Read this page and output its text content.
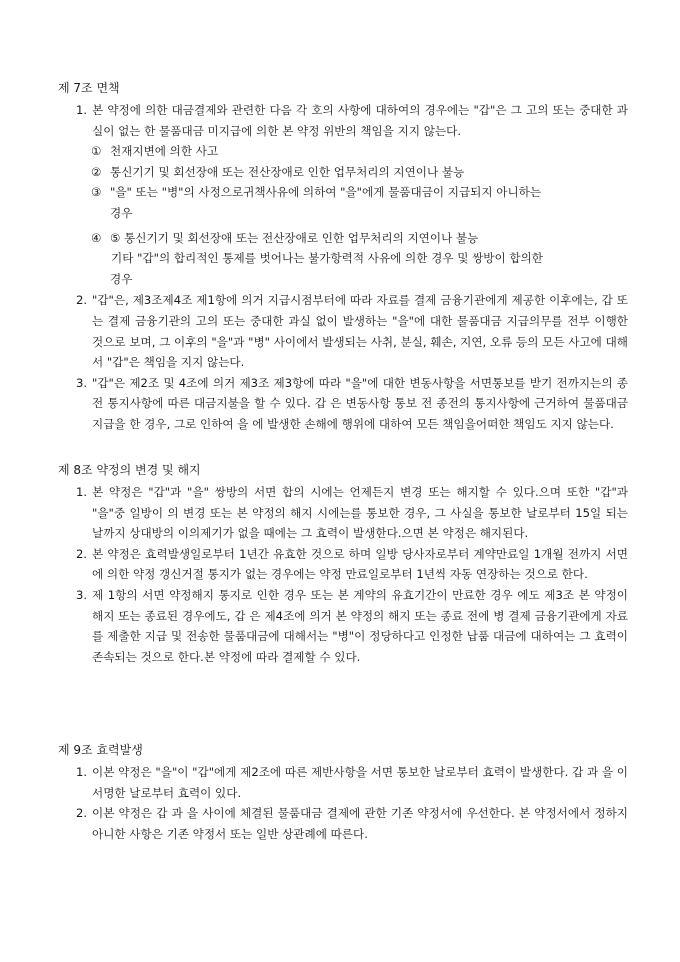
제 7조 면책
1. 본 약정에 의한 대금결제와 관련한 다음 각 호의 사항에 대하여의 경우에는 "갑"은 그 고의 또는 중대한 과실이 없는 한 물품대금 미지급에 의한 본 약정 위반의 책임을 지지 않는다.
① 천재지변에 의한 사고
② 통신기기 및 회선장애 또는 전산장애로 인한 업무처리의 지연이나 불능
③ "을" 또는 "병"의 사정으로귀책사유에 의하여 "을"에게 물품대금이 지급되지 아니하는
경우
④ ⑤ 통신기기 및 회선장애 또는 전산장애로 인한 업무처리의 지연이나 불능
기타 "갑"의 합리적인 통제를 벗어나는 불가항력적 사유에 의한 경우 및 쌍방이 합의한
경우
2. "갑"은, 제3조제4조 제1항에 의거 지급시점부터에 따라 자료를 결제 금융기관에게 제공한 이후에는, 갑 또는 결제 금융기관의 고의 또는 중대한 과실 없이 발생하는 "을"에 대한 물품대금 지급의무를 전부 이행한 것으로 보며, 그 이후의 "을"과 "병" 사이에서 발생되는 사취, 분실, 훼손, 지연, 오류 등의 모든 사고에 대해서 "갑"은 책임을 지지 않는다.
3. "갑"은 제2조 및 4조에 의거 제3조 제3항에 따라 "을"에 대한 변동사항을 서면통보를 받기 전까지는의 종전 통지사항에 따른 대금지불을 할 수 있다. 갑 은 변동사항 통보 전 종전의 통지사항에 근거하여 물품대금 지급을 한 경우, 그로 인하여 을 에 발생한 손해에 행위에 대하여 모든 책임을어떠한 책임도 지지 않는다.
제 8조 약정의 변경 및 해지
1. 본 약정은 "갑"과 "을" 쌍방의 서면 합의 시에는 언제든지 변경 또는 해지할 수 있다.으며 또한 "갑"과 "을"중 일방이 의 변경 또는 본 약정의 해지 시에는를 통보한 경우, 그 사실을 통보한 날로부터 15일 되는 날까지 상대방의 이의제기가 없을 때에는 그 효력이 발생한다.으면 본 약정은 해지된다.
2. 본 약정은 효력발생일로부터 1년간 유효한 것으로 하며 일방 당사자로부터 계약만료일 1개월 전까지 서면에 의한 약정 갱신거절 통지가 없는 경우에는 약정 만료일로부터 1년씩 자동 연장하는 것으로 한다.
3. 제 1항의 서면 약정해지 통지로 인한 경우 또는 본 계약의 유효기간이 만료한 경우 에도 제3조 본 약정이 해지 또는 종료된 경우에도, 갑 은 제4조에 의거 본 약정의 해지 또는 종료 전에 병 결제 금융기관에게 자료를 제출한 지급 및 전송한 물품대금에 대해서는 "병"이 정당하다고 인정한 납품 대금에 대하여는 그 효력이 존속되는 것으로 한다.본 약정에 따라 결제할 수 있다.
제 9조 효력발생
1. 이본 약정은 "을"이 "갑"에게 제2조에 따른 제반사항을 서면 통보한 날로부터 효력이 발생한다. 갑 과 을 이 서명한 날로부터 효력이 있다.
2. 이본 약정은 갑 과 을 사이에 체결된 물품대금 결제에 관한 기존 약정서에 우선한다. 본 약정서에서 정하지 아니한 사항은 기존 약정서 또는 일반 상관례에 따른다.
